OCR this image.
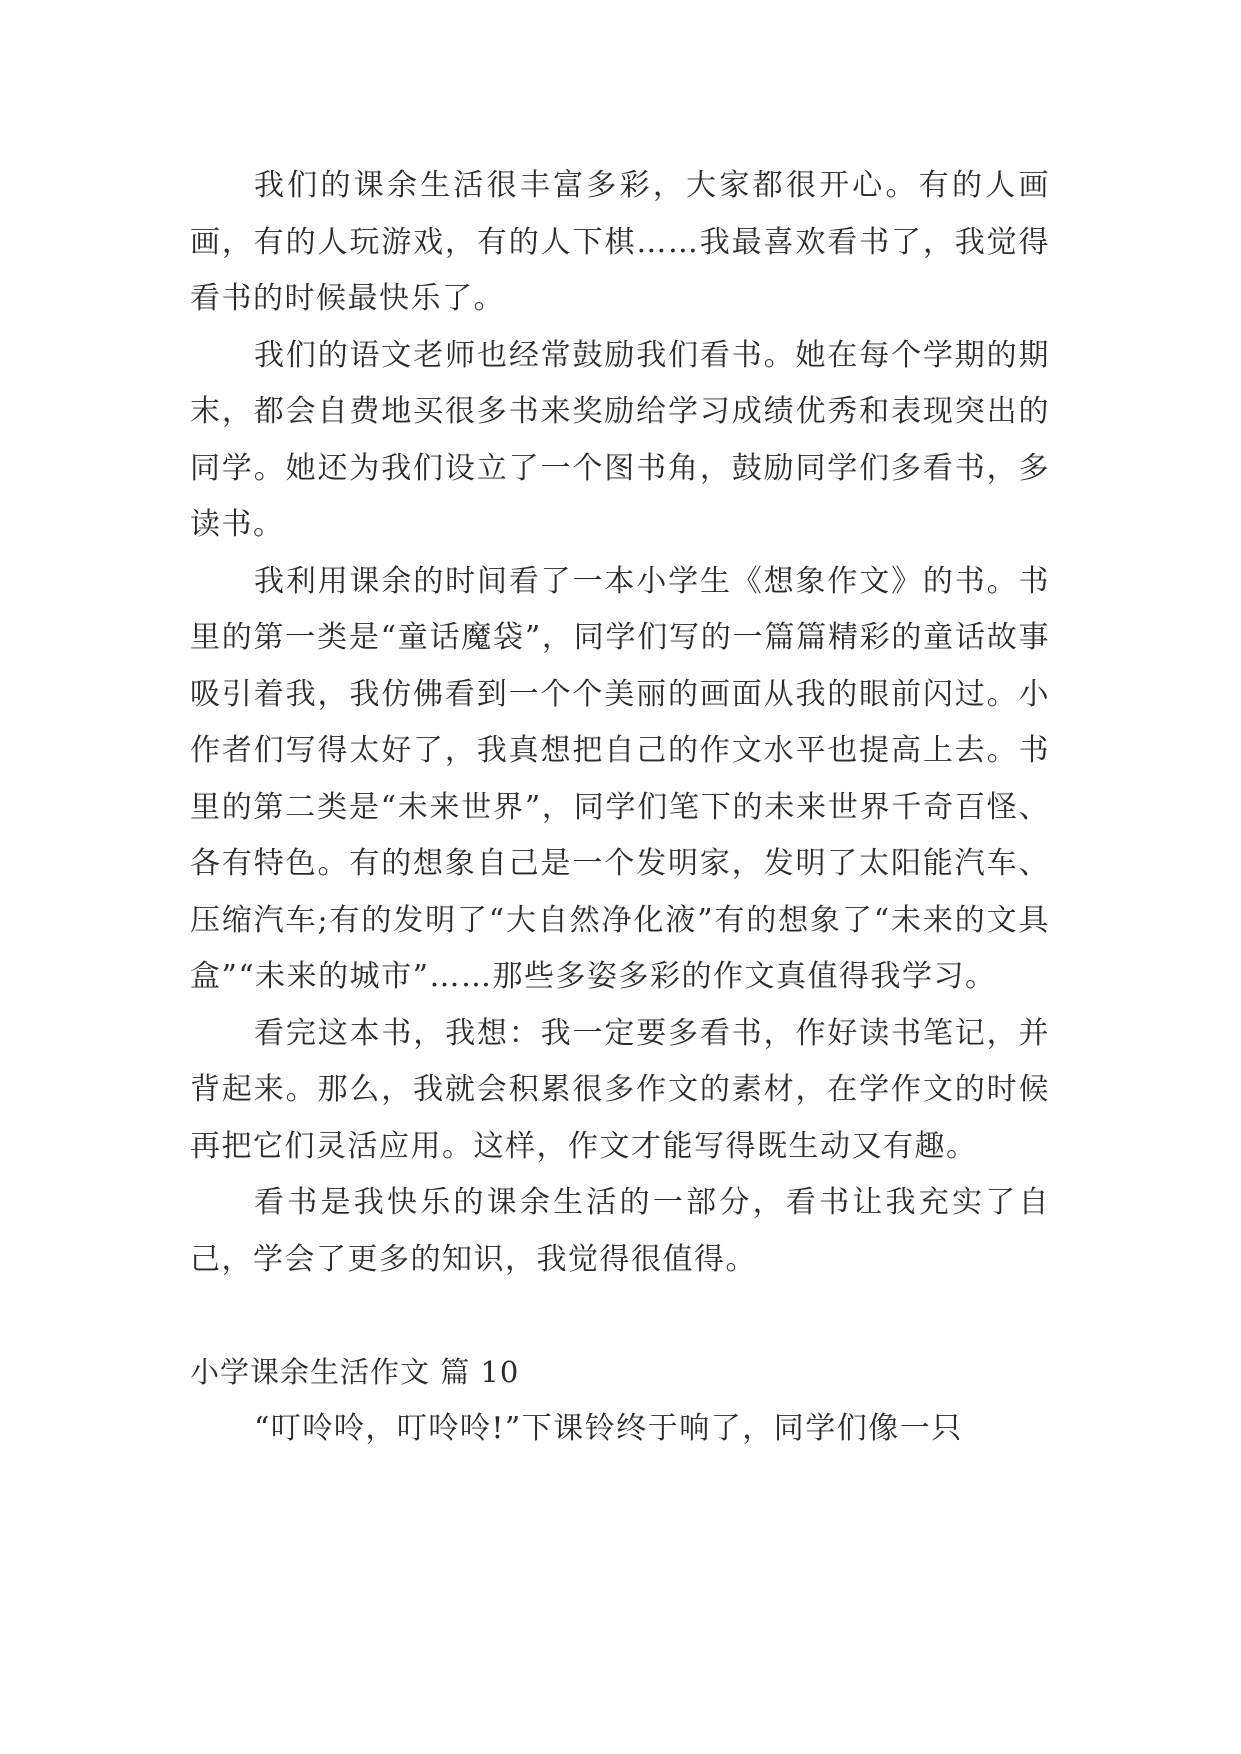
我们的课余生活很丰富多彩，大家都很开心。有的人画画，有的人玩游戏，有的人下棋……我最喜欢看书了，我觉得看书的时候最快乐了。

我们的语文老师也经常鼓励我们看书。她在每个学期的期末，都会自费地买很多书来奖励给学习成绩优秀和表现突出的同学。她还为我们设立了一个图书角，鼓励同学们多看书，多读书。

我利用课余的时间看了一本小学生《想象作文》的书。书里的第一类是“童话魔袋”，同学们写的一篇篇精彩的童话故事吸引着我，我仿佛看到一个个美丽的画面从我的眼前闪过。小作者们写得太好了，我真想把自己的作文水平也提高上去。书里的第二类是“未来世界”，同学们笔下的未来世界千奇百怪、各有特色。有的想象自己是一个发明家，发明了太阳能汽车、压缩汽车;有的发明了“大自然净化液”有的想象了“未来的文具盒”“未来的城市”……那些多姿多彩的作文真值得我学习。

看完这本书，我想：我一定要多看书，作好读书笔记，并背起来。那么，我就会积累很多作文的素材，在学作文的时候再把它们灵活应用。这样，作文才能写得既生动又有趣。

看书是我快乐的课余生活的一部分，看书让我充实了自己，学会了更多的知识，我觉得很值得。

小学课余生活作文 篇 10

“叮呤呤，叮呤呤!”下课铃终于响了，同学们像一只
